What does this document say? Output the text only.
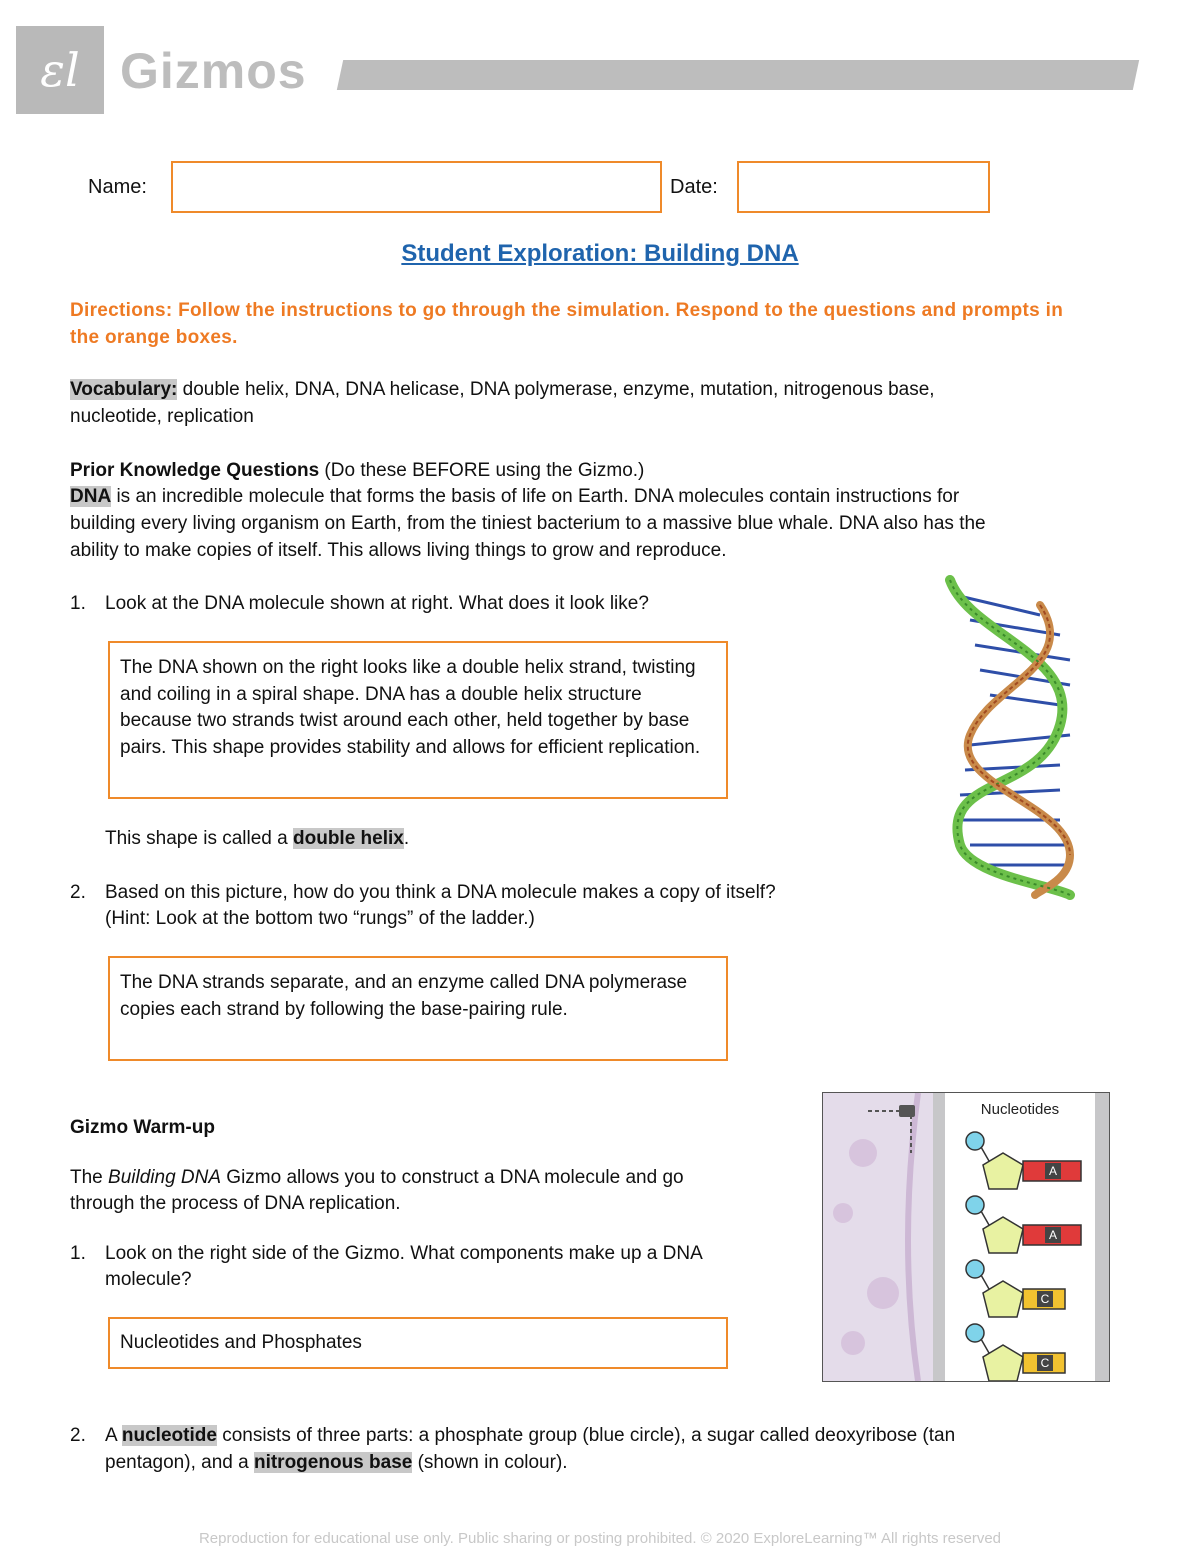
ɛl Gizmos
Name:	Date:
Student Exploration: Building DNA
Directions: Follow the instructions to go through the simulation. Respond to the questions and prompts in the orange boxes.
Vocabulary: double helix, DNA, DNA helicase, DNA polymerase, enzyme, mutation, nitrogenous base,
nucleotide, replication
Prior Knowledge Questions (Do these BEFORE using the Gizmo.)
DNA is an incredible molecule that forms the basis of life on Earth. DNA molecules contain instructions for
building every living organism on Earth, from the tiniest bacterium to a massive blue whale. DNA also has the
ability to make copies of itself. This allows living things to grow and reproduce.
1. Look at the DNA molecule shown at right. What does it look like?
The DNA shown on the right looks like a double helix strand, twisting and coiling in a spiral shape. DNA has a double helix structure because two strands twist around each other, held together by base pairs. This shape provides stability and allows for efficient replication.
This shape is called a double helix.
2. Based on this picture, how do you think a DNA molecule makes a copy of itself?
(Hint: Look at the bottom two “rungs” of the ladder.)
The DNA strands separate, and an enzyme called DNA polymerase copies each strand by following the base-pairing rule.
Gizmo Warm-up
The Building DNA Gizmo allows you to construct a DNA molecule and go
through the process of DNA replication.
1. Look on the right side of the Gizmo. What components make up a DNA
molecule?
Nucleotides and Phosphates
Nucleotides
A
A
C
C
2. A nucleotide consists of three parts: a phosphate group (blue circle), a sugar called deoxyribose (tan
pentagon), and a nitrogenous base (shown in colour).
Reproduction for educational use only. Public sharing or posting prohibited. © 2020 ExploreLearning™ All rights reserved
